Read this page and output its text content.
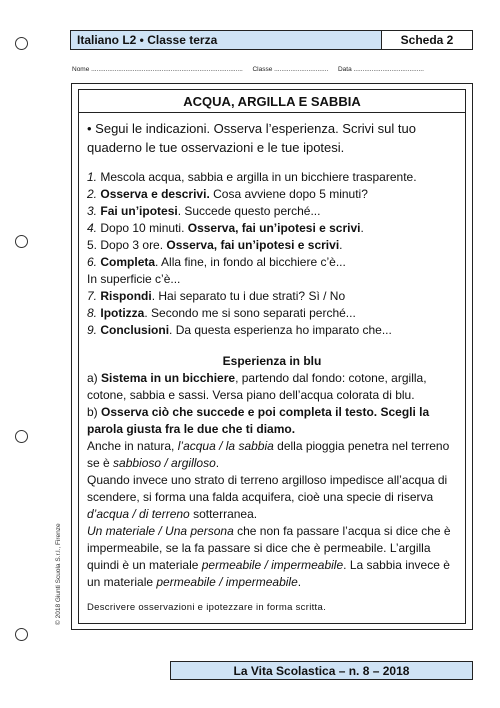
Italiano L2 • Classe terza	Scheda 2
Nome .................................................................................... Classe .............................. Data .......................................
ACQUA, ARGILLA E SABBIA
• Segui le indicazioni. Osserva l’esperienza. Scrivi sul tuo quaderno le tue osservazioni e le tue ipotesi.

1. Mescola acqua, sabbia e argilla in un bicchiere trasparente.

2. Osserva e descrivi. Cosa avviene dopo 5 minuti?

3. Fai un’ipotesi. Succede questo perché...

4. Dopo 10 minuti. Osserva, fai un’ipotesi e scrivi.

5. Dopo 3 ore. Osserva, fai un’ipotesi e scrivi.

6. Completa. Alla fine, in fondo al bicchiere c’è...

In superficie c’è...

7. Rispondi. Hai separato tu i due strati? Sì / No

8. Ipotizza. Secondo me si sono separati perché...

9. Conclusioni. Da questa esperienza ho imparato che...

Esperienza in blu

a) Sistema in un bicchiere, partendo dal fondo: cotone, argilla, cotone, sabbia e sassi. Versa piano dell’acqua colorata di blu.

b) Osserva ciò che succede e poi completa il testo. Scegli la parola giusta fra le due che ti diamo.

Anche in natura, l’acqua / la sabbia della pioggia penetra nel terreno se è sabbioso / argilloso.

Quando invece uno strato di terreno argilloso impedisce all’acqua di scendere, si forma una falda acquifera, cioè una specie di riserva d’acqua / di terreno sotterranea.

Un materiale / Una persona che non fa passare l’acqua si dice che è impermeabile, se la fa passare si dice che è permeabile. L’argilla quindi è un materiale permeabile / impermeabile. La sabbia invece è un materiale permeabile / impermeabile.

Descrivere osservazioni e ipotezzare in forma scritta.
© 2018 Giunti Scuola S.r.l., Firenze
La Vita Scolastica – n. 8 – 2018
